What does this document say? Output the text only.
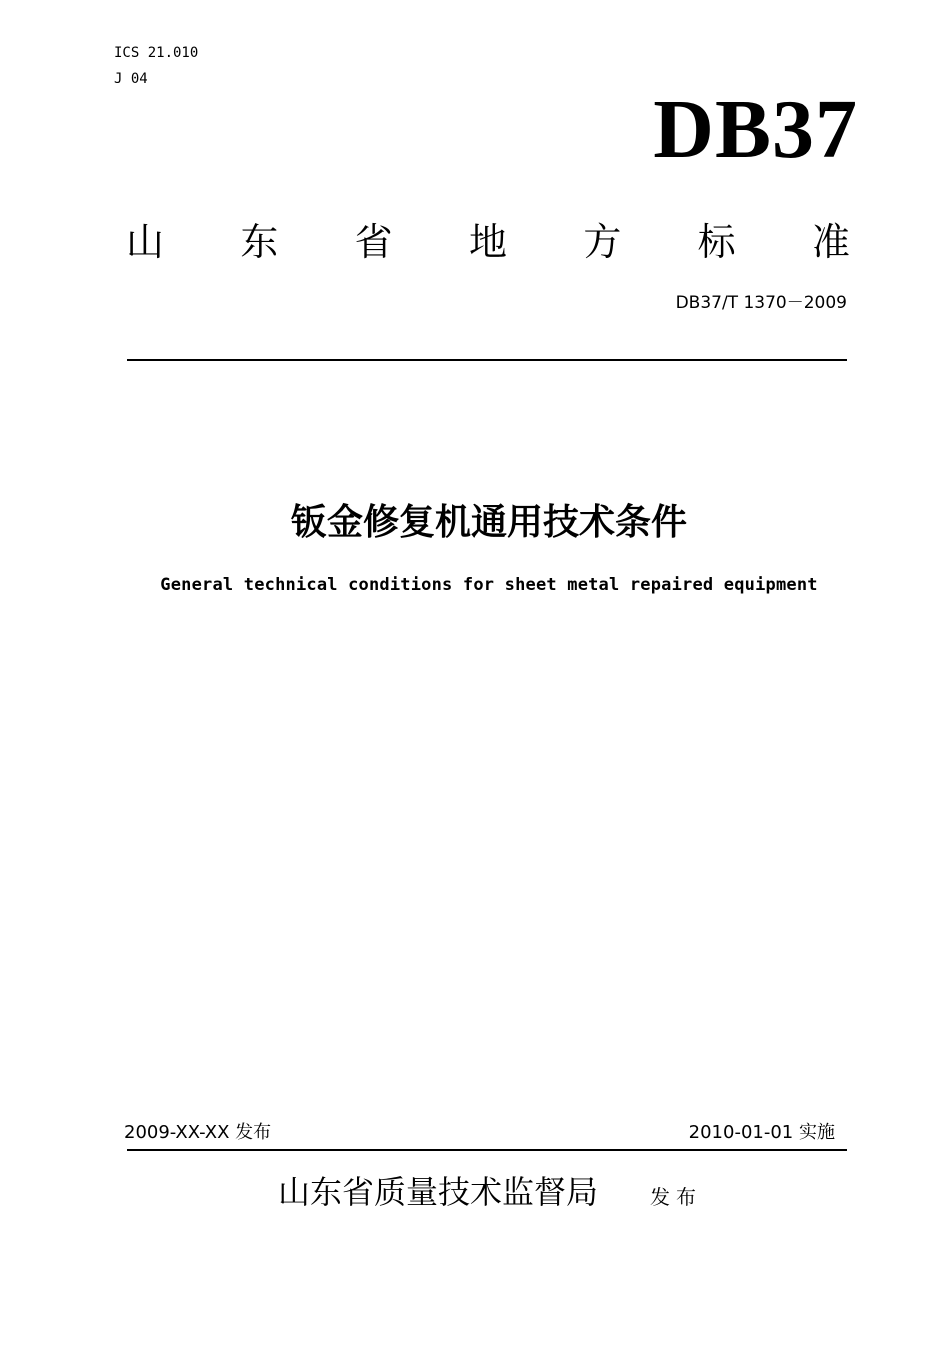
ICS 21.010
J 04
DB37
山 东 省 地 方 标 准
DB37/T 1370－2009
钣金修复机通用技术条件
General technical conditions for sheet metal repaired equipment
2009-XX-XX 发布	2010-01-01 实施
山东省质量技术监督局	发布
